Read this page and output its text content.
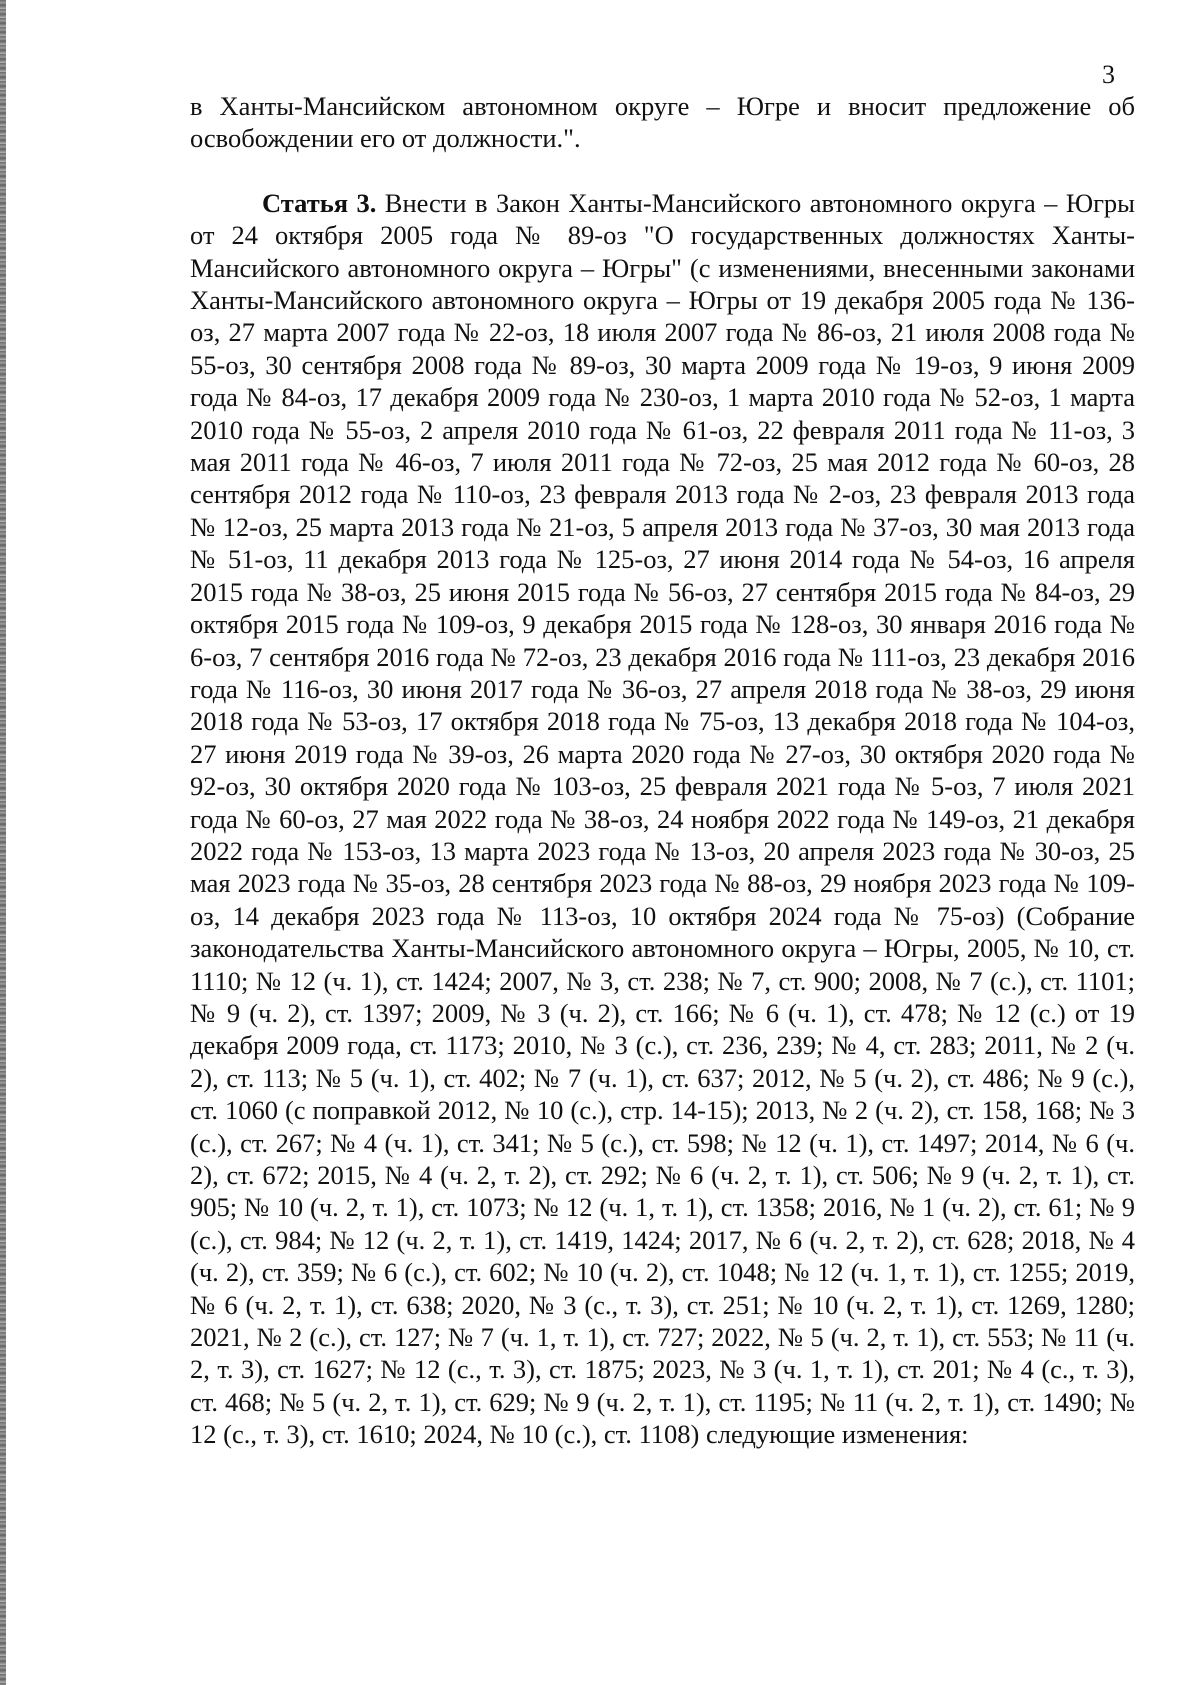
3

в Ханты-Мансийском автономном округе – Югре и вносит предложение об освобождении его от должности.".

Статья 3. Внести в Закон Ханты-Мансийского автономного округа – Югры от 24 октября 2005 года № 89-оз "О государственных должностях Ханты-Мансийского автономного округа – Югры" (с изменениями, внесенными законами Ханты-Мансийского автономного округа – Югры от 19 декабря 2005 года № 136-оз, 27 марта 2007 года № 22-оз, 18 июля 2007 года № 86-оз, 21 июля 2008 года № 55-оз, 30 сентября 2008 года № 89-оз, 30 марта 2009 года № 19-оз, 9 июня 2009 года № 84-оз, 17 декабря 2009 года № 230-оз, 1 марта 2010 года № 52-оз, 1 марта 2010 года № 55-оз, 2 апреля 2010 года № 61-оз, 22 февраля 2011 года № 11-оз, 3 мая 2011 года № 46-оз, 7 июля 2011 года № 72-оз, 25 мая 2012 года № 60-оз, 28 сентября 2012 года № 110-оз, 23 февраля 2013 года № 2-оз, 23 февраля 2013 года № 12-оз, 25 марта 2013 года № 21-оз, 5 апреля 2013 года № 37-оз, 30 мая 2013 года № 51-оз, 11 декабря 2013 года № 125-оз, 27 июня 2014 года № 54-оз, 16 апреля 2015 года № 38-оз, 25 июня 2015 года № 56-оз, 27 сентября 2015 года № 84-оз, 29 октября 2015 года № 109-оз, 9 декабря 2015 года № 128-оз, 30 января 2016 года № 6-оз, 7 сентября 2016 года № 72-оз, 23 декабря 2016 года № 111-оз, 23 декабря 2016 года № 116-оз, 30 июня 2017 года № 36-оз, 27 апреля 2018 года № 38-оз, 29 июня 2018 года № 53-оз, 17 октября 2018 года № 75-оз, 13 декабря 2018 года № 104-оз, 27 июня 2019 года № 39-оз, 26 марта 2020 года № 27-оз, 30 октября 2020 года № 92-оз, 30 октября 2020 года № 103-оз, 25 февраля 2021 года № 5-оз, 7 июля 2021 года № 60-оз, 27 мая 2022 года № 38-оз, 24 ноября 2022 года № 149-оз, 21 декабря 2022 года № 153-оз, 13 марта 2023 года № 13-оз, 20 апреля 2023 года № 30-оз, 25 мая 2023 года № 35-оз, 28 сентября 2023 года № 88-оз, 29 ноября 2023 года № 109-оз, 14 декабря 2023 года № 113-оз, 10 октября 2024 года № 75-оз) (Собрание законодательства Ханты-Мансийского автономного округа – Югры, 2005, № 10, ст. 1110; № 12 (ч. 1), ст. 1424; 2007, № 3, ст. 238; № 7, ст. 900; 2008, № 7 (с.), ст. 1101; № 9 (ч. 2), ст. 1397; 2009, № 3 (ч. 2), ст. 166; № 6 (ч. 1), ст. 478; № 12 (с.) от 19 декабря 2009 года, ст. 1173; 2010, № 3 (с.), ст. 236, 239; № 4, ст. 283; 2011, № 2 (ч. 2), ст. 113; № 5 (ч. 1), ст. 402; № 7 (ч. 1), ст. 637; 2012, № 5 (ч. 2), ст. 486; № 9 (с.), ст. 1060 (с поправкой 2012, № 10 (с.), стр. 14-15); 2013, № 2 (ч. 2), ст. 158, 168; № 3 (с.), ст. 267; № 4 (ч. 1), ст. 341; № 5 (с.), ст. 598; № 12 (ч. 1), ст. 1497; 2014, № 6 (ч. 2), ст. 672; 2015, № 4 (ч. 2, т. 2), ст. 292; № 6 (ч. 2, т. 1), ст. 506; № 9 (ч. 2, т. 1), ст. 905; № 10 (ч. 2, т. 1), ст. 1073; № 12 (ч. 1, т. 1), ст. 1358; 2016, № 1 (ч. 2), ст. 61; № 9 (с.), ст. 984; № 12 (ч. 2, т. 1), ст. 1419, 1424; 2017, № 6 (ч. 2, т. 2), ст. 628; 2018, № 4 (ч. 2), ст. 359; № 6 (с.), ст. 602; № 10 (ч. 2), ст. 1048; № 12 (ч. 1, т. 1), ст. 1255; 2019, № 6 (ч. 2, т. 1), ст. 638; 2020, № 3 (с., т. 3), ст. 251; № 10 (ч. 2, т. 1), ст. 1269, 1280; 2021, № 2 (с.), ст. 127; № 7 (ч. 1, т. 1), ст. 727; 2022, № 5 (ч. 2, т. 1), ст. 553; № 11 (ч. 2, т. 3), ст. 1627; № 12 (с., т. 3), ст. 1875; 2023, № 3 (ч. 1, т. 1), ст. 201; № 4 (с., т. 3), ст. 468; № 5 (ч. 2, т. 1), ст. 629; № 9 (ч. 2, т. 1), ст. 1195; № 11 (ч. 2, т. 1), ст. 1490; № 12 (с., т. 3), ст. 1610; 2024, № 10 (с.), ст. 1108) следующие изменения:
